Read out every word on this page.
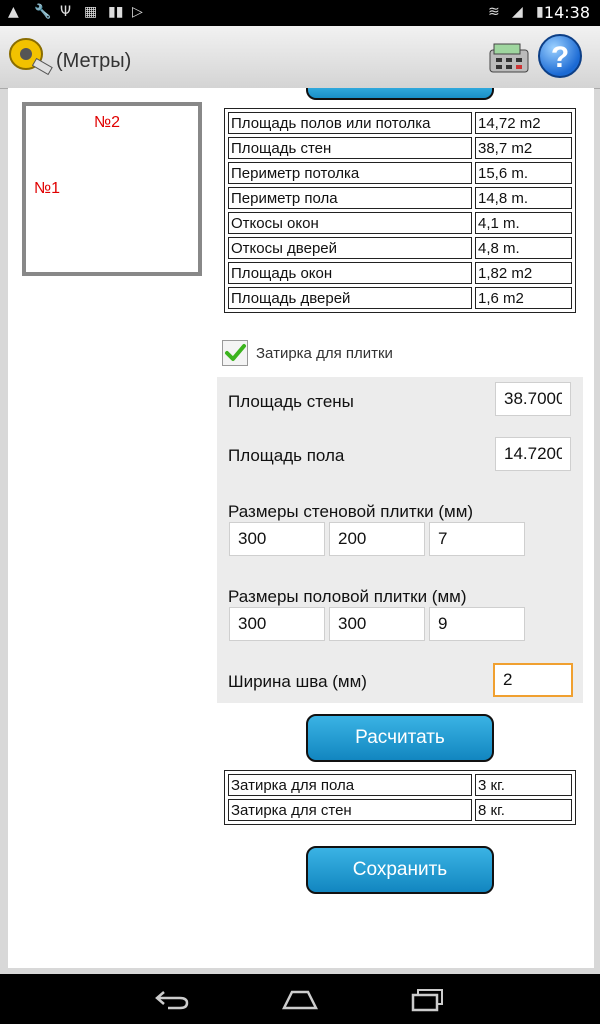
▲ 🔧 Ψ ▦ ▮▮ ▷	≋ ◢ ▮ 14:38
(Метры)	?
№2
№1
Площадь полов или потолка	14,72 m2
Площадь стен	38,7 m2
Периметр потолка	15,6 m.
Периметр пола	14,8 m.
Откосы окон	4,1 m.
Откосы дверей	4,8 m.
Площадь окон	1,82 m2
Площадь дверей	1,6 m2
Затирка для плитки
Площадь стены
38.7000
Площадь пола
14.7200
Размеры стеновой плитки (мм)
300
200
7
Размеры половой плитки (мм)
300
300
9
Ширина шва (мм)
2
Расчитать
Затирка для пола	3 кг.
Затирка для стен	8 кг.
Сохранить
